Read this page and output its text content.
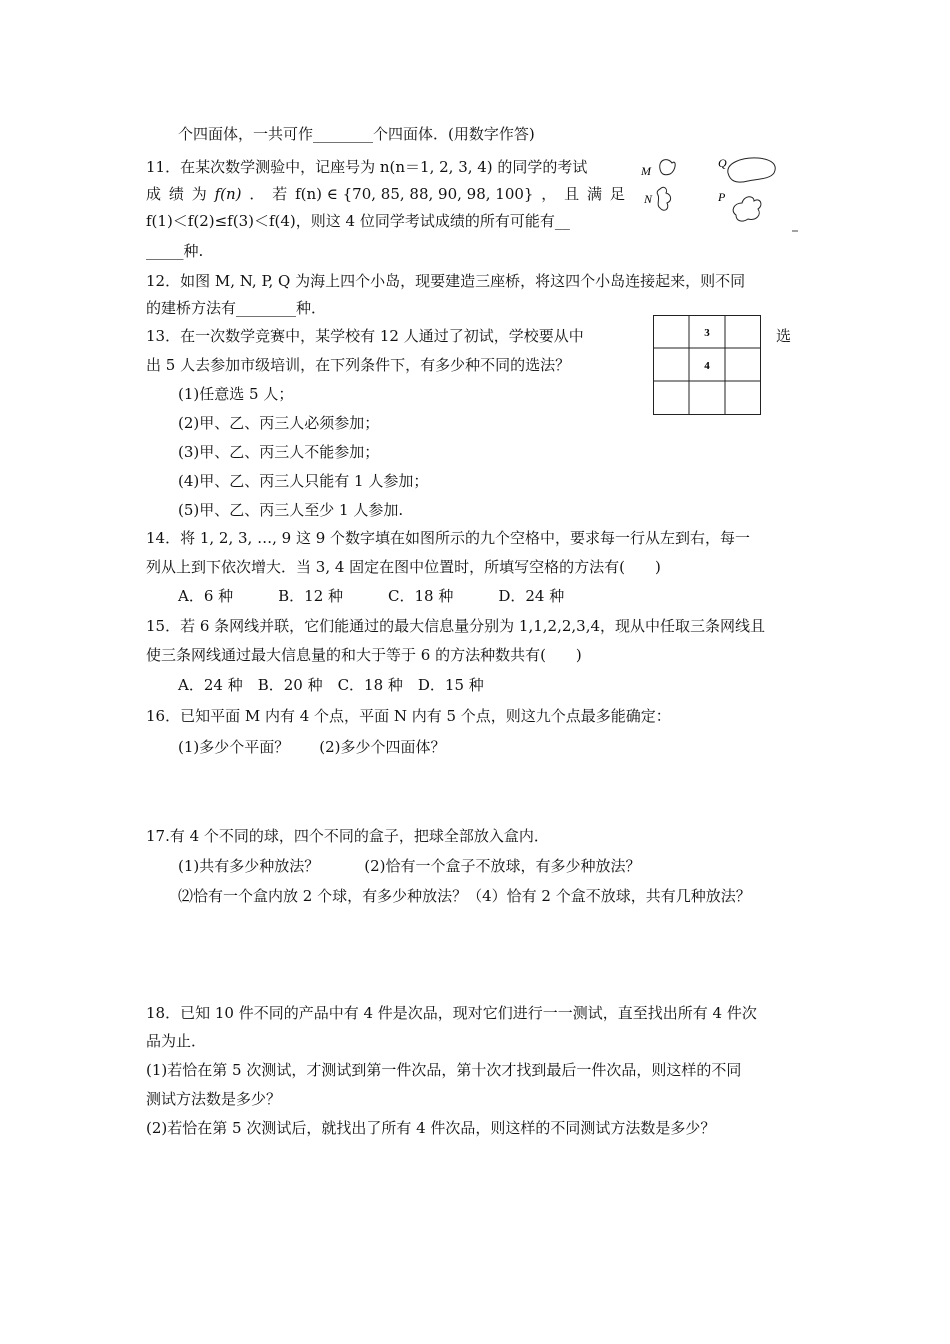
个四面体，一共可作________个四面体．(用数字作答)
11．在某次数学测验中，记座号为 n(n＝1, 2, 3, 4) 的同学的考试
成 绩 为 f(n) ． 若 f(n) ∈ {70, 85, 88, 90, 98, 100} ， 且 满 足
f(1)＜f(2)≤f(3)＜f(4)，则这 4 位同学考试成绩的所有可能有__
_____种.
M
N
Q
P
12．如图 M, N, P, Q 为海上四个小岛，现要建造三座桥，将这四个小岛连接起来，则不同
的建桥方法有________种．
13．在一次数学竞赛中，某学校有 12 人通过了初试，学校要从中	选
出 5 人去参加市级培训，在下列条件下，有多少种不同的选法？
(1)任意选 5 人；
(2)甲、乙、丙三人必须参加；
(3)甲、乙、丙三人不能参加；
(4)甲、乙、丙三人只能有 1 人参加；
(5)甲、乙、丙三人至少 1 人参加.
3
4
14．将 1, 2, 3, …, 9 这 9 个数字填在如图所示的九个空格中，要求每一行从左到右，每一
列从上到下依次增大．当 3, 4 固定在图中位置时，所填写空格的方法有(　　)
A．6 种　　　B．12 种　　　C．18 种　　　D．24 种
15．若 6 条网线并联，它们能通过的最大信息量分别为 1,1,2,2,3,4，现从中任取三条网线且
使三条网线通过最大信息量的和大于等于 6 的方法种数共有(　　)
A．24 种　B．20 种　C．18 种　D．15 种
16．已知平面 M 内有 4 个点，平面 N 内有 5 个点，则这九个点最多能确定：
(1)多少个平面？　　(2)多少个四面体？
17.有 4 个不同的球，四个不同的盒子，把球全部放入盒内．
(1)共有多少种放法？　　　(2)恰有一个盒子不放球，有多少种放法？
⑵恰有一个盒内放 2 个球，有多少种放法？（4）恰有 2 个盒不放球，共有几种放法？
18．已知 10 件不同的产品中有 4 件是次品，现对它们进行一一测试，直至找出所有 4 件次
品为止．
(1)若恰在第 5 次测试，才测试到第一件次品，第十次才找到最后一件次品，则这样的不同
测试方法数是多少？
(2)若恰在第 5 次测试后，就找出了所有 4 件次品，则这样的不同测试方法数是多少？
